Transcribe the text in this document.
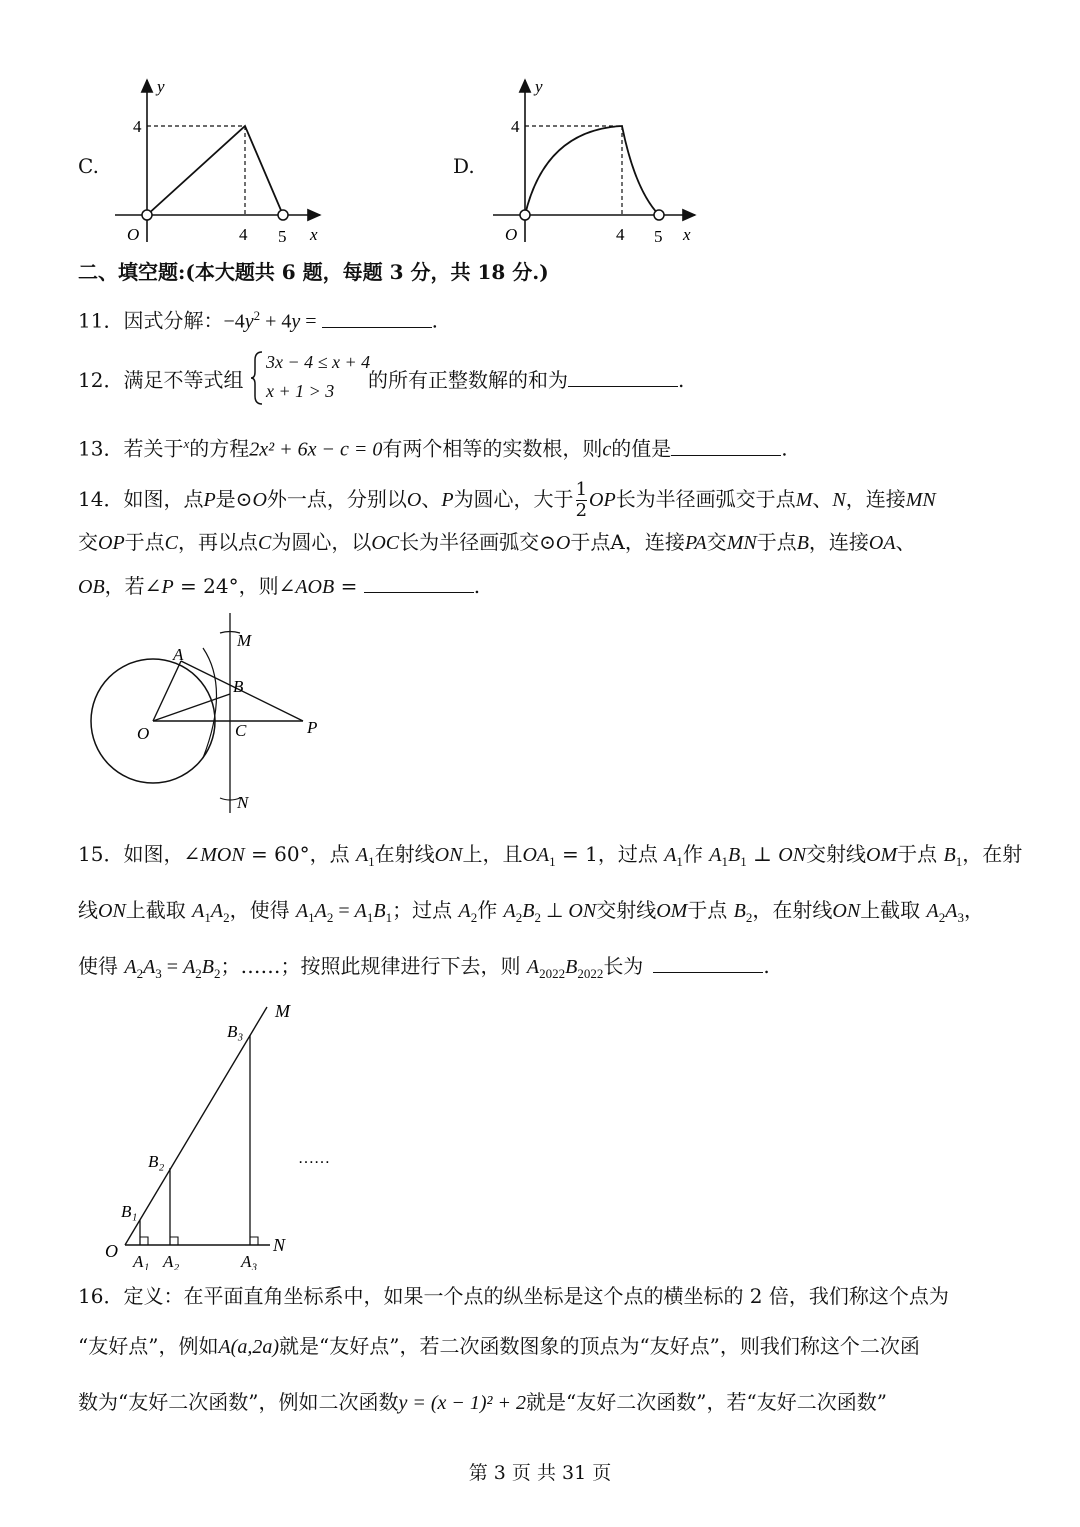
C.
y
x
O
4
4 5
D.
y
x
O
4
4 5
二、填空题:(本大题共 6 题，每题 3 分，共 18 分.)
11．因式分解：$-4y^2 + 4y$ =	.
12．满足不等式组
3x − 4 ≤ x + 4
x + 1 > 3 的所有正整数解的和为	.
13．若关于$^x$的方程2x² + 6x − c = 0有两个相等的实数根，则c的值是	.
14．如图，点P是⊙O外一点，分别以O、P为圆心，大于 $\frac{1}{2}$ OP长为半径画弧交于点M、N，连接MN
交OP于点C，再以点C为圆心，以OC长为半径画弧交⊙O于点A，连接PA交MN于点B，连接OA、
OB，若∠P = 24°，则∠AOB =	.
M
N
A
B
O	C	P
15．如图，∠MON = 60°，点 $A_1$在射线ON上，且$OA_1 = 1$，过点 $A_1$作 $A_1B_1$ ⊥ ON交射线OM于点 $B_1$，在射
线ON上截取 $A_1A_2$，使得 $A_1A_2 = A_1B_1$；过点 $A_2$作 $A_2B_2$ ⊥ ON交射线OM于点 $B_2$，在射线ON上截取 $A_2A_3$，
使得 $A_2A_3 = A_2B_2$；……；按照此规律进行下去，则 $A_{2022}B_{2022}$长为	.
M
N
O
B₃
B₂
B₁
A₁ A₂	A₃
……
16．定义：在平面直角坐标系中，如果一个点的纵坐标是这个点的横坐标的 2 倍，我们称这个点为
“友好点”，例如A(a,2a)就是“友好点”，若二次函数图象的顶点为“友好点”，则我们称这个二次函
数为“友好二次函数”，例如二次函数y = (x − 1)² + 2就是“友好二次函数”，若“友好二次函数”
第 3 页 共 31 页
